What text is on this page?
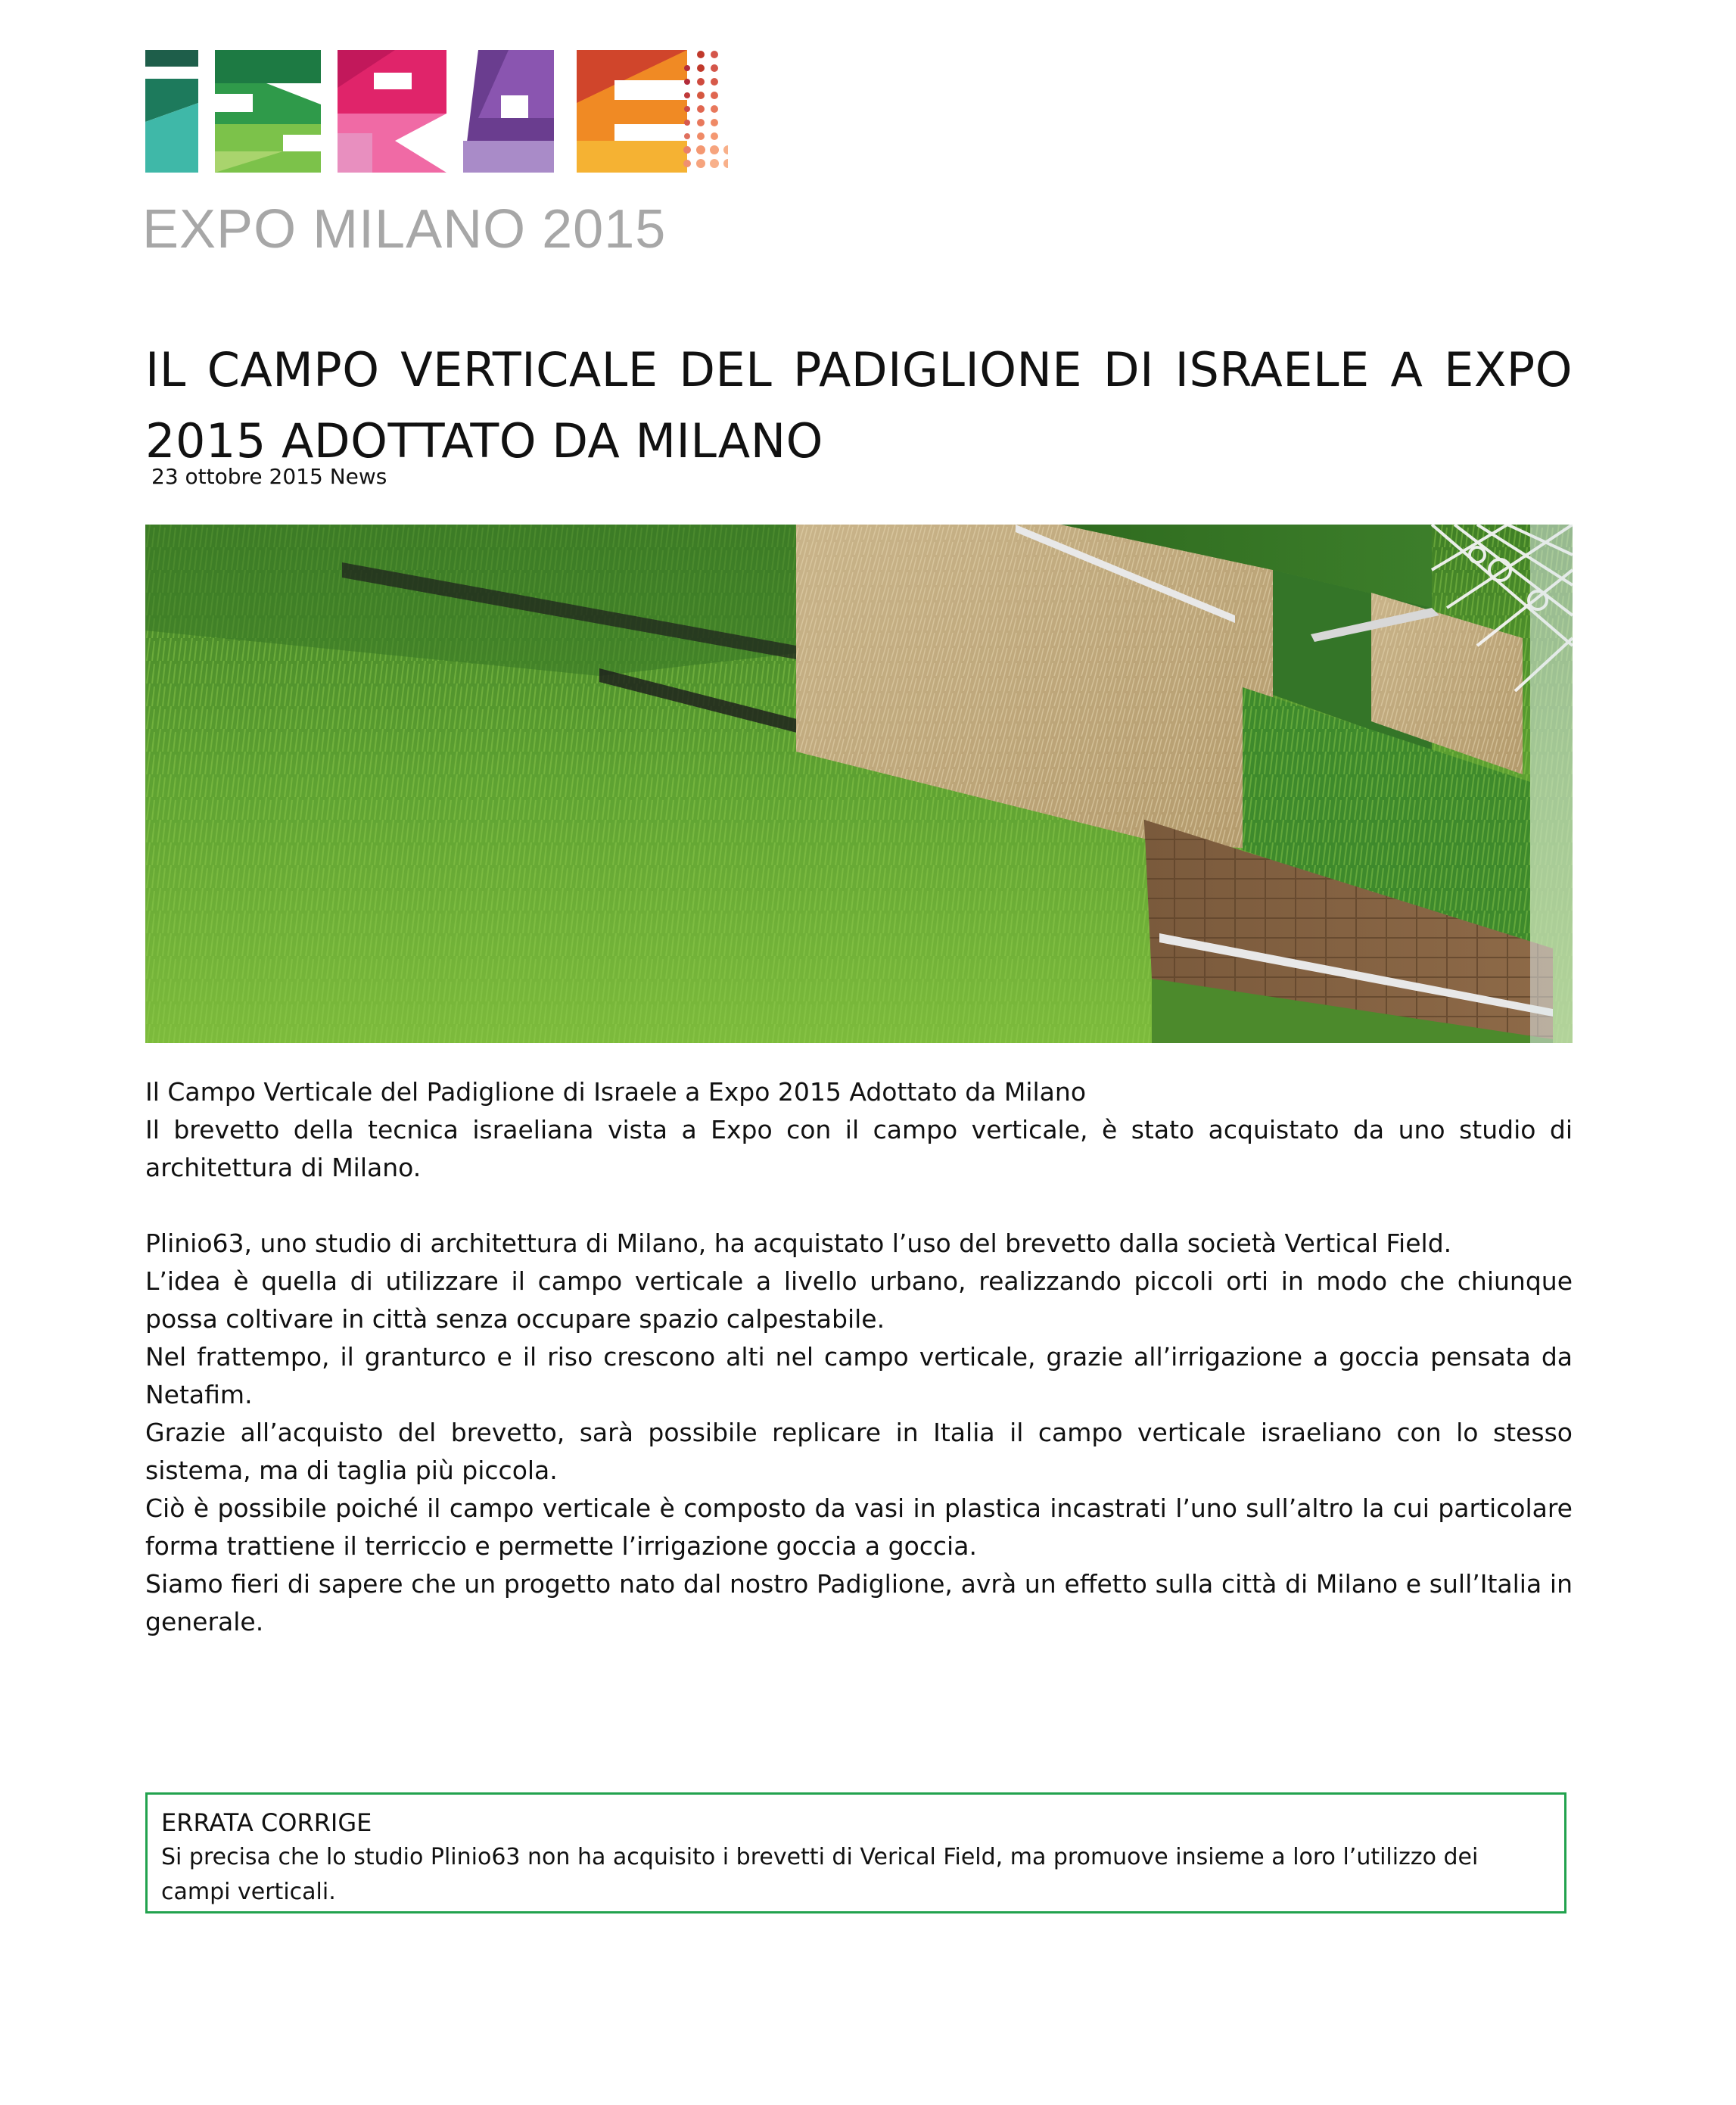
EXPO MILANO 2015
IL CAMPO VERTICALE DEL PADIGLIONE DI ISRAELE A EXPO 2015 ADOTTATO DA MILANO
23 ottobre 2015 News

Il Campo Verticale del Padiglione di Israele a Expo 2015 Adottato da Milano

Il brevetto della tecnica israeliana vista a Expo con il campo verticale, è stato acquistato da uno studio di architettura di Milano.

Plinio63, uno studio di architettura di Milano, ha acquistato l’uso del brevetto dalla società Vertical Field.

L’idea è quella di utilizzare il campo verticale a livello urbano, realizzando piccoli orti in modo che chiunque possa coltivare in città senza occupare spazio calpestabile.

Nel frattempo, il granturco e il riso crescono alti nel campo verticale, grazie all’irrigazione a goccia pensata da Netafim.

Grazie all’acquisto del brevetto, sarà possibile replicare in Italia il campo verticale israeliano con lo stesso sistema, ma di taglia più piccola.

Ciò è possibile poiché il campo verticale è composto da vasi in plastica incastrati l’uno sull’altro la cui particolare forma trattiene il terriccio e permette l’irrigazione goccia a goccia.

Siamo fieri di sapere che un progetto nato dal nostro Padiglione, avrà un effetto sulla città di Milano e sull’Italia in generale.

ERRATA CORRIGE
Si precisa che lo studio Plinio63 non ha acquisito i brevetti di Verical Field, ma promuove insieme a loro l’utilizzo dei campi verticali.
